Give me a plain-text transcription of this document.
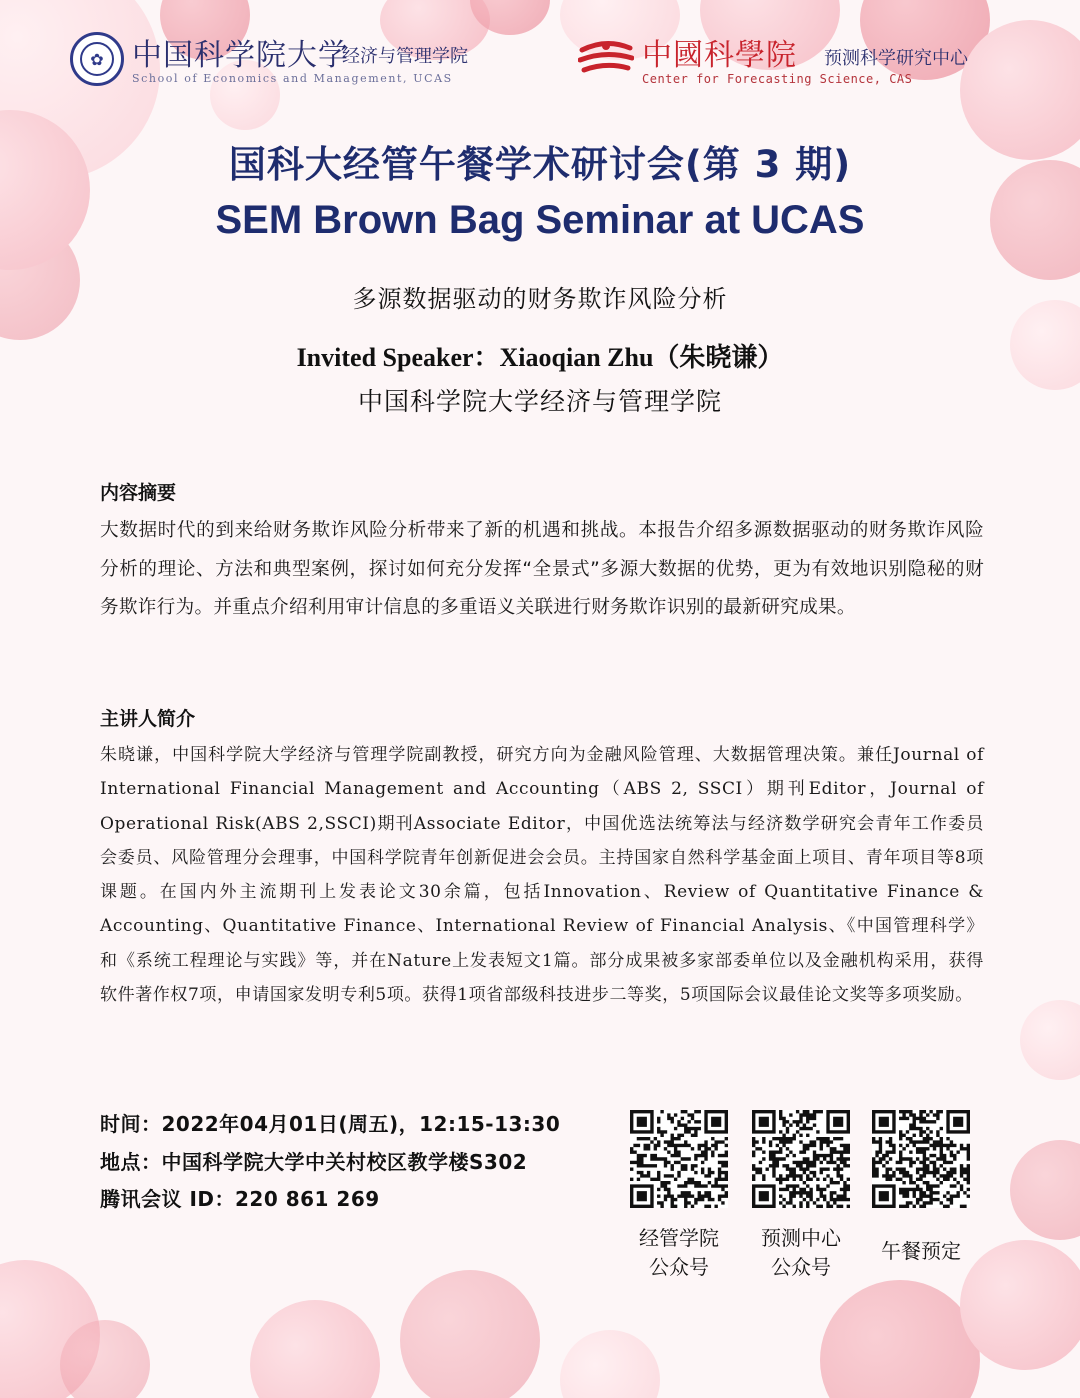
✿ 中国科学院大学
经济与管理学院
School of Economics and Management, UCAS
中國科學院 预测科学研究中心
Center for Forecasting Science, CAS
国科大经管午餐学术研讨会(第 3 期)
SEM Brown Bag Seminar at UCAS
多源数据驱动的财务欺诈风险分析
Invited Speaker：Xiaoqian Zhu（朱晓谦）
中国科学院大学经济与管理学院
内容摘要
大数据时代的到来给财务欺诈风险分析带来了新的机遇和挑战。本报告介绍多源数据驱动的财务欺诈风险分析的理论、方法和典型案例，探讨如何充分发挥“全景式”多源大数据的优势，更为有效地识别隐秘的财务欺诈行为。并重点介绍利用审计信息的多重语义关联进行财务欺诈识别的最新研究成果。
主讲人简介
朱晓谦，中国科学院大学经济与管理学院副教授，研究方向为金融风险管理、大数据管理决策。兼任Journal of International Financial Management and Accounting（ABS 2, SSCI）期刊Editor，Journal of Operational Risk(ABS 2,SSCI)期刊Associate Editor，中国优选法统筹法与经济数学研究会青年工作委员会委员、风险管理分会理事，中国科学院青年创新促进会会员。主持国家自然科学基金面上项目、青年项目等8项课题。在国内外主流期刊上发表论文30余篇，包括Innovation、Review of Quantitative Finance & Accounting、Quantitative Finance、International Review of Financial Analysis、《中国管理科学》和《系统工程理论与实践》等，并在Nature上发表短文1篇。部分成果被多家部委单位以及金融机构采用，获得软件著作权7项，申请国家发明专利5项。获得1项省部级科技进步二等奖，5项国际会议最佳论文奖等多项奖励。
时间：2022年04月01日(周五)，12:15-13:30
地点：中国科学院大学中关村校区教学楼S302
腾讯会议 ID：220 861 269
经管学院
公众号
预测中心
公众号
午餐预定
